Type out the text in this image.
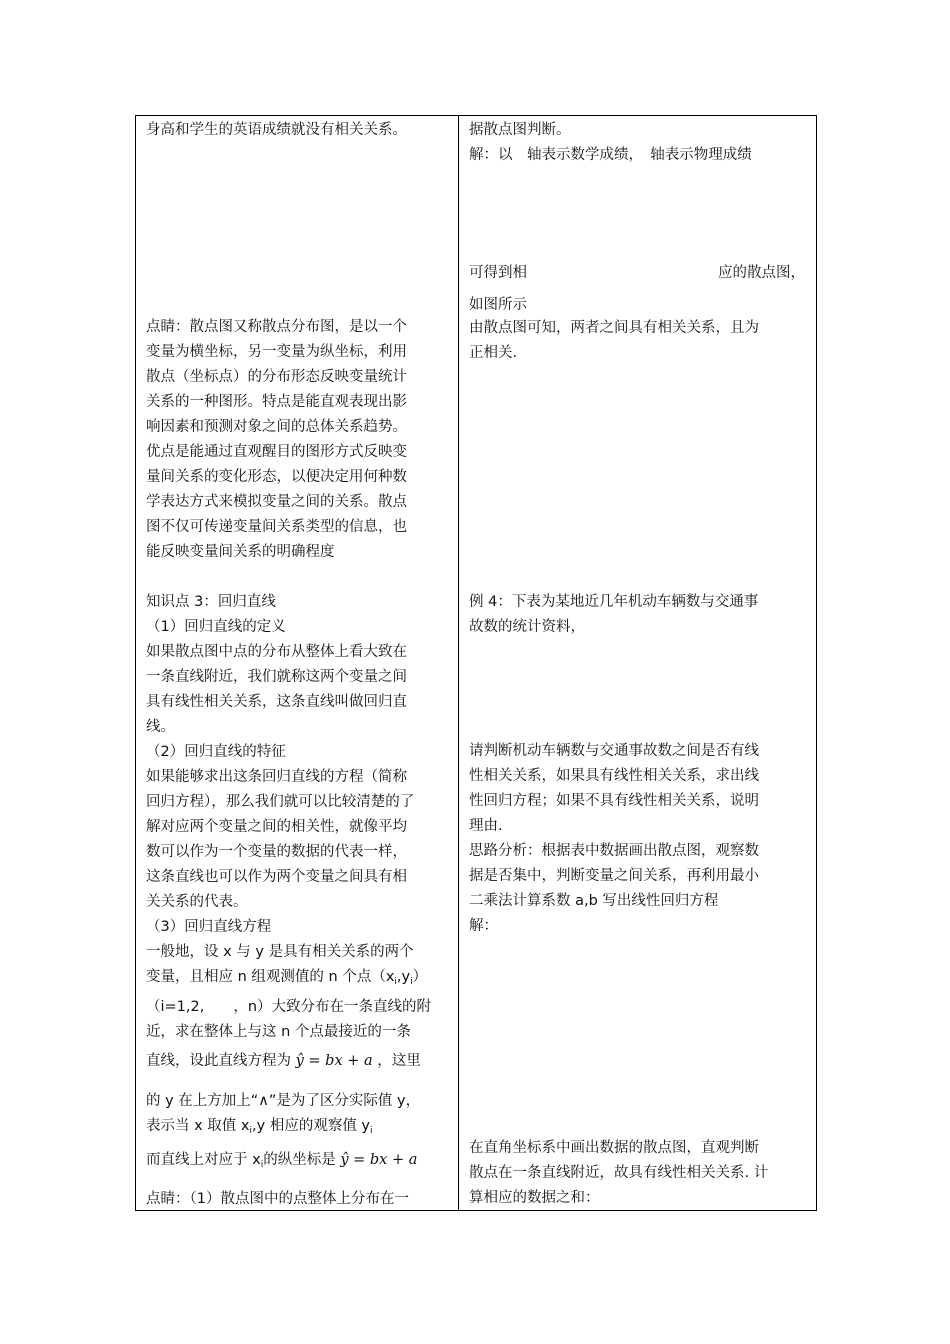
身高和学生的英语成绩就没有相关关系。
点睛：散点图又称散点分布图，是以一个
变量为横坐标，另一变量为纵坐标，利用
散点（坐标点）的分布形态反映变量统计
关系的一种图形。特点是能直观表现出影
响因素和预测对象之间的总体关系趋势。
优点是能通过直观醒目的图形方式反映变
量间关系的变化形态，以便决定用何种数
学表达方式来模拟变量之间的关系。散点
图不仅可传递变量间关系类型的信息，也
能反映变量间关系的明确程度
知识点 3：回归直线
（1）回归直线的定义
如果散点图中点的分布从整体上看大致在
一条直线附近，我们就称这两个变量之间
具有线性相关关系，这条直线叫做回归直
线。
（2）回归直线的特征
如果能够求出这条回归直线的方程（简称
回归方程），那么我们就可以比较清楚的了
解对应两个变量之间的相关性，就像平均
数可以作为一个变量的数据的代表一样，
这条直线也可以作为两个变量之间具有相
关关系的代表。
（3）回归直线方程
一般地，设 x 与 y 是具有相关关系的两个
变量，且相应 n 组观测值的 n 个点$(x_i,y_i)$
（i=1,2,　　，n）大致分布在一条直线的附
近，求在整体上与这 n 个点最接近的一条
直线，设此直线方程为 ŷ = bx + a ，这里
的 y 在上方加上“∧”是为了区分实际值 y，
表示当 x 取值 $x_i,y$ 相应的观察值 $y_i$
而直线上对应于 $x_i$的纵坐标是 ŷ = bx + a
点睛：（1）散点图中的点整体上分布在一
据散点图判断。
解：以　轴表示数学成绩，　轴表示物理成绩
可得到相	应的散点图，
如图所示
由散点图可知，两者之间具有相关关系，且为
正相关.
例 4：下表为某地近几年机动车辆数与交通事
故数的统计资料，
请判断机动车辆数与交通事故数之间是否有线
性相关关系，如果具有线性相关关系，求出线
性回归方程；如果不具有线性相关关系，说明
理由.
思路分析：根据表中数据画出散点图，观察数
据是否集中，判断变量之间关系，再利用最小
二乘法计算系数 a,b 写出线性回归方程
解：
在直角坐标系中画出数据的散点图，直观判断
散点在一条直线附近，故具有线性相关关系. 计
算相应的数据之和：
